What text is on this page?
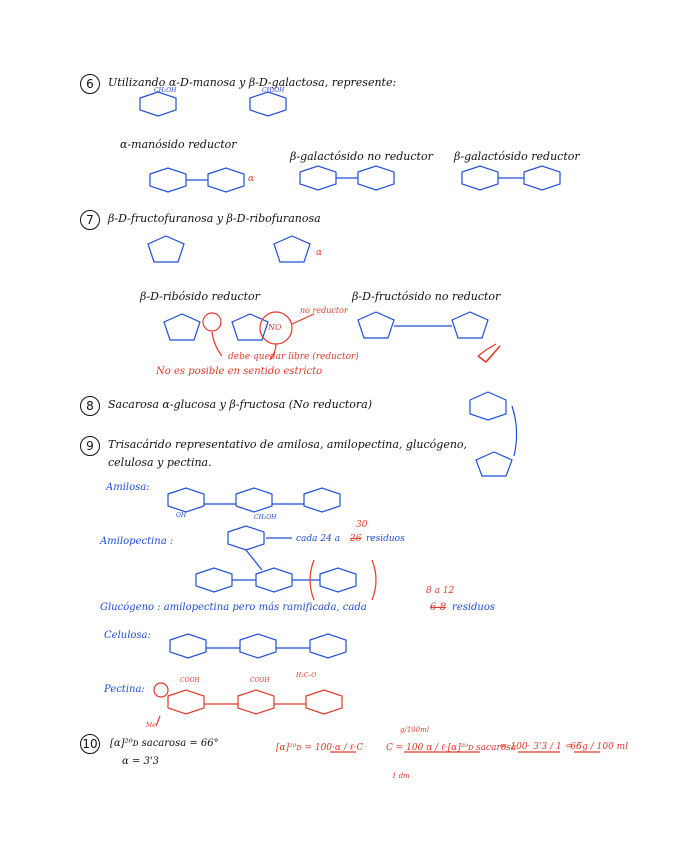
6	Utilizando α-D-manosa y β-D-galactosa, represente:
CH₂OH	CH₂OH
α-manósido reductor
β-galactósido no reductor β-galactósido reductor
α
7	β-D-fructofuranosa y β-D-ribofuranosa
α
β-D-ribósido reductor	β-D-fructósido no reductor
NO
no reductor
debe quedar libre (reductor)
No es posible en sentido estricto
8	Sacarosa α-glucosa y β-fructosa (No reductora)
9	Trisacárido representativo de amilosa, amilopectina, glucógeno,
celulosa y pectina.
Amilosa:
Amilopectina :	cada 24 a 26
30
residuos
Glucógeno : amilopectina pero más ramificada, cada	6-8 residuos
8 a 12
Celulosa:
Pectina:
COOH	COOH
H₃C–O
Me
OH	CH₂OH
10 [α]²⁰ᴅ sacarosa = 66°
α = 3'3
[α]²⁰ᴅ = 100·α / ℓ·C	C = 100 α / ℓ·[α]²⁰ᴅ sacarosa
= 100· 3'3 / 1 · 66
= 5g / 100 ml
g/100ml
1 dm
